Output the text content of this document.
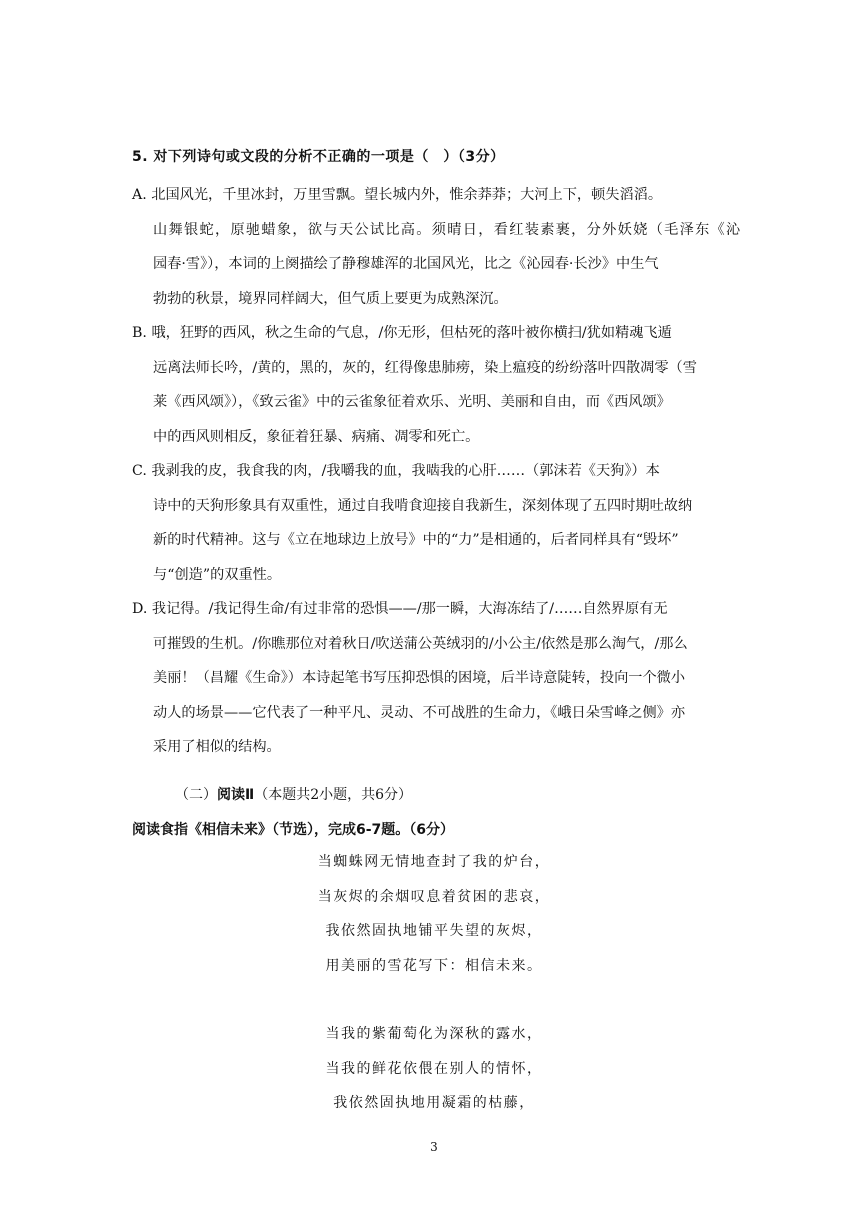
5. 对下列诗句或文段的分析不正确的一项是（　）（3分）
A. 北国风光，千里冰封，万里雪飘。望长城内外，惟余莽莽；大河上下，顿失滔滔。
山舞银蛇，原驰蜡象，欲与天公试比高。须晴日，看红装素裹，分外妖娆（毛泽东《沁
园春·雪》），本词的上阕描绘了静穆雄浑的北国风光，比之《沁园春·长沙》中生气
勃勃的秋景，境界同样阔大，但气质上要更为成熟深沉。
B. 哦，狂野的西风，秋之生命的气息，/你无形，但枯死的落叶被你横扫/犹如精魂飞遁
远离法师长吟，/黄的，黑的，灰的，红得像患肺痨，染上瘟疫的纷纷落叶四散凋零（雪
莱《西风颂》），《致云雀》中的云雀象征着欢乐、光明、美丽和自由，而《西风颂》
中的西风则相反，象征着狂暴、病痛、凋零和死亡。
C. 我剥我的皮，我食我的肉，/我嚼我的血，我啮我的心肝……（郭沫若《天狗》）本
诗中的天狗形象具有双重性，通过自我啃食迎接自我新生，深刻体现了五四时期吐故纳
新的时代精神。这与《立在地球边上放号》中的“力”是相通的，后者同样具有“毁坏”
与“创造”的双重性。
D. 我记得。/我记得生命/有过非常的恐惧——/那一瞬，大海冻结了/……自然界原有无
可摧毁的生机。/你瞧那位对着秋日/吹送蒲公英绒羽的/小公主/依然是那么淘气，/那么
美丽！（昌耀《生命》）本诗起笔书写压抑恐惧的困境，后半诗意陡转，投向一个微小
动人的场景——它代表了一种平凡、灵动、不可战胜的生命力，《峨日朵雪峰之侧》亦
采用了相似的结构。
（二）阅读Ⅱ（本题共2小题，共6分）
阅读食指《相信未来》（节选），完成6-7题。（6分）
当蜘蛛网无情地查封了我的炉台，
当灰烬的余烟叹息着贫困的悲哀，
我依然固执地铺平失望的灰烬，
用美丽的雪花写下：相信未来。
当我的紫葡萄化为深秋的露水，
当我的鲜花依偎在别人的情怀，
我依然固执地用凝霜的枯藤，
3
